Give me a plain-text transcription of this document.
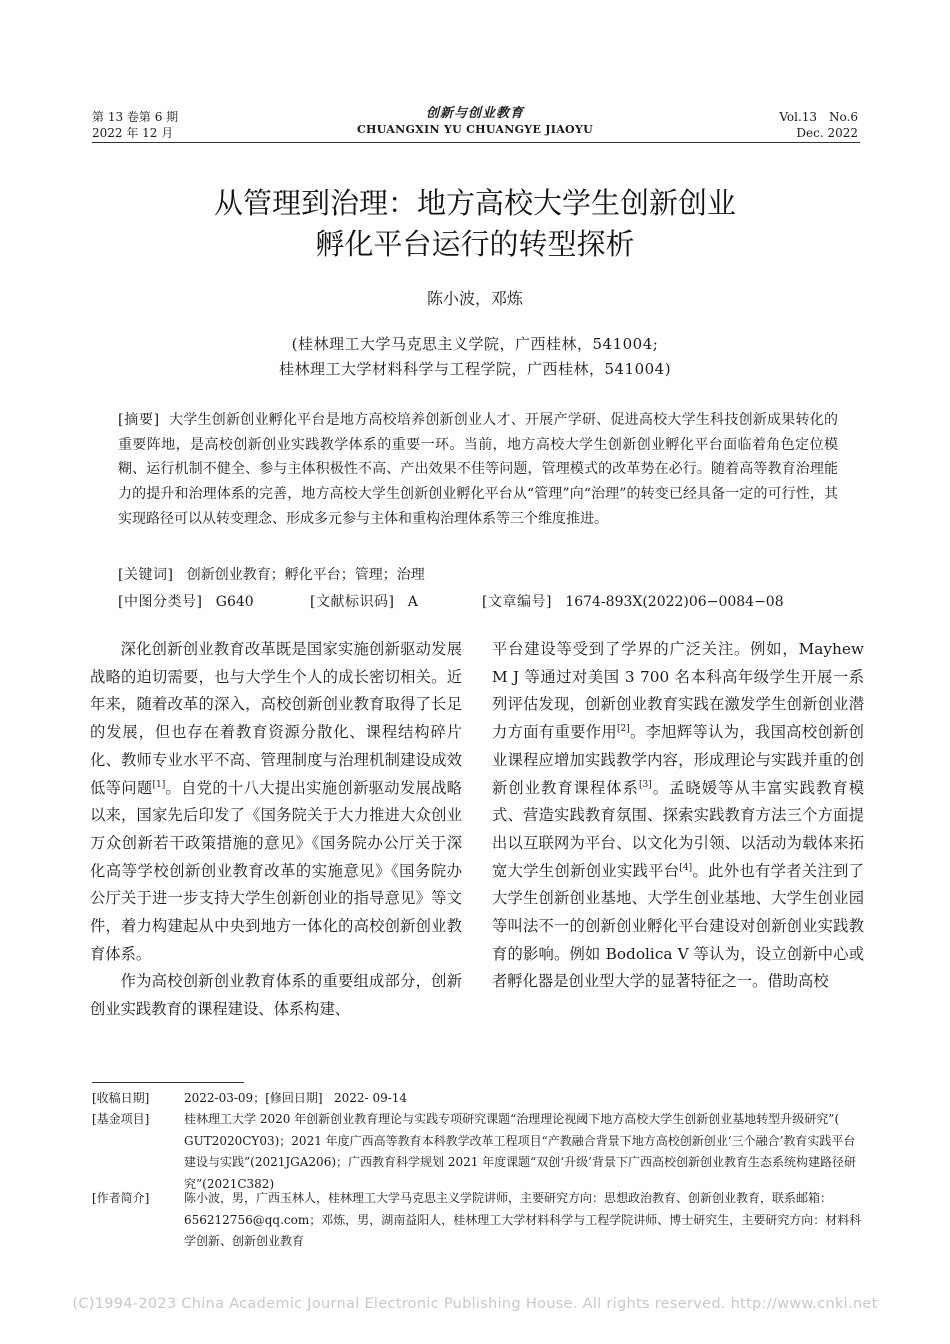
第 13 卷第 6 期
2022 年 12 月
创新与创业教育
CHUANGXIN YU CHUANGYE JIAOYU
Vol.13　No.6
Dec. 2022
从管理到治理：地方高校大学生创新创业
孵化平台运行的转型探析
陈小波，邓炼
(桂林理工大学马克思主义学院，广西桂林，541004;
桂林理工大学材料科学与工程学院，广西桂林，541004)
[摘要] 大学生创新创业孵化平台是地方高校培养创新创业人才、开展产学研、促进高校大学生科技创新成果转化的重要阵地，是高校创新创业实践教学体系的重要一环。当前，地方高校大学生创新创业孵化平台面临着角色定位模糊、运行机制不健全、参与主体积极性不高、产出效果不佳等问题，管理模式的改革势在必行。随着高等教育治理能力的提升和治理体系的完善，地方高校大学生创新创业孵化平台从“管理”向“治理”的转变已经具备一定的可行性，其实现路径可以从转变理念、形成多元参与主体和重构治理体系等三个维度推进。
[关键词] 创新创业教育；孵化平台；管理；治理
[中图分类号] G640	[文献标识码] A	[文章编号] 1674-893X(2022)06−0084−08

深化创新创业教育改革既是国家实施创新驱动发展战略的迫切需要，也与大学生个人的成长密切相关。近年来，随着改革的深入，高校创新创业教育取得了长足的发展，但也存在着教育资源分散化、课程结构碎片化、教师专业水平不高、管理制度与治理机制建设成效低等问题[1]。自党的十八大提出实施创新驱动发展战略以来，国家先后印发了《国务院关于大力推进大众创业万众创新若干政策措施的意见》《国务院办公厅关于深化高等学校创新创业教育改革的实施意见》《国务院办公厅关于进一步支持大学生创新创业的指导意见》等文件，着力构建起从中央到地方一体化的高校创新创业教育体系。

作为高校创新创业教育体系的重要组成部分，创新创业实践教育的课程建设、体系构建、

平台建设等受到了学界的广泛关注。例如，Mayhew M J 等通过对美国 3 700 名本科高年级学生开展一系列评估发现，创新创业教育实践在激发学生创新创业潜力方面有重要作用[2]。李旭辉等认为，我国高校创新创业课程应增加实践教学内容，形成理论与实践并重的创新创业教育课程体系[3]。孟晓媛等从丰富实践教育模式、营造实践教育氛围、探索实践教育方法三个方面提出以互联网为平台、以文化为引领、以活动为载体来拓宽大学生创新创业实践平台[4]。此外也有学者关注到了大学生创新创业基地、大学生创业基地、大学生创业园等叫法不一的创新创业孵化平台建设对创新创业实践教育的影响。例如 Bodolica V 等认为，设立创新中心或者孵化器是创业型大学的显著特征之一。借助高校

[收稿日期]	2022-03-09；[修回日期] 2022- 09-14
[基金项目]	桂林理工大学 2020 年创新创业教育理论与实践专项研究课题“治理理论视阈下地方高校大学生创新创业基地转型升级研究”( GUT2020CY03)；2021 年度广西高等教育本科教学改革工程项目“产教融合背景下地方高校创新创业‘三个融合’教育实践平台建设与实践”(2021JGA206)；广西教育科学规划 2021 年度课题“双创‘升级’背景下广西高校创新创业教育生态系统构建路径研究”(2021C382)
[作者简介]	陈小波，男，广西玉林人，桂林理工大学马克思主义学院讲师，主要研究方向：思想政治教育、创新创业教育，联系邮箱：656212756@qq.com；邓炼，男，湖南益阳人，桂林理工大学材料科学与工程学院讲师、博士研究生，主要研究方向：材料科学创新、创新创业教育
(C)1994-2023 China Academic Journal Electronic Publishing House. All rights reserved. http://www.cnki.net
